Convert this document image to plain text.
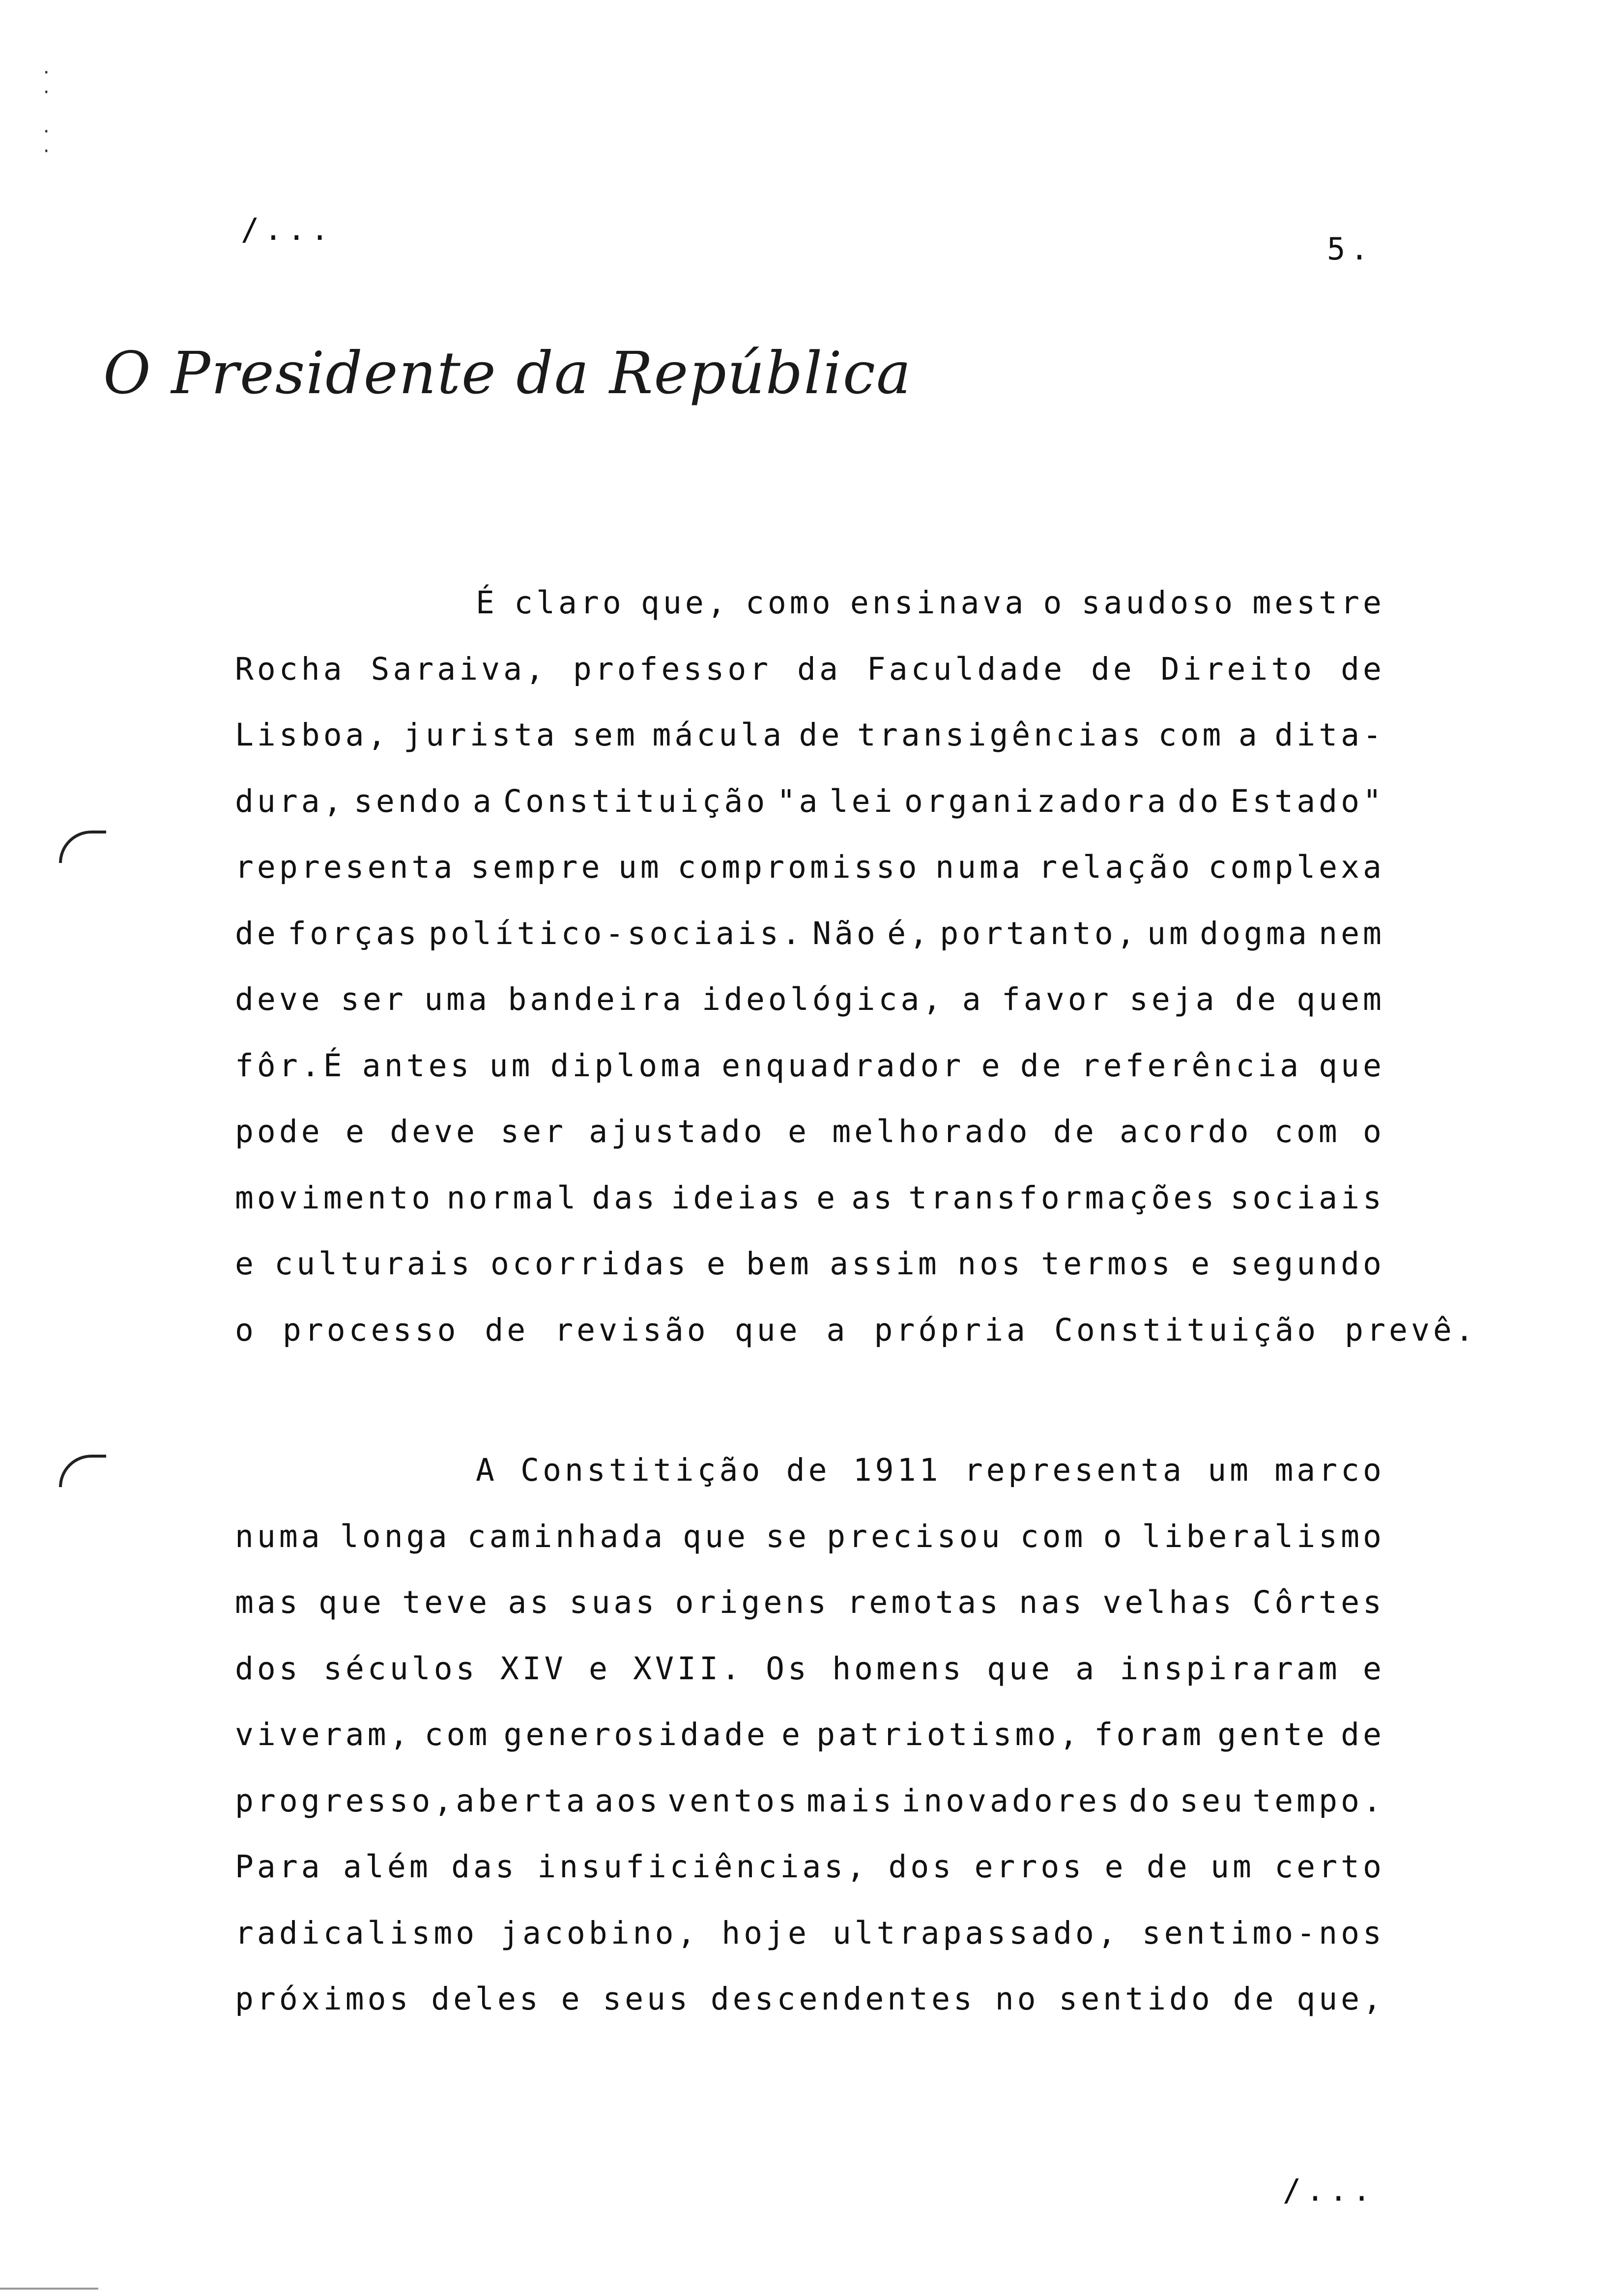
·
·

·
·
/...
5.
O Presidente da República
É claro que, como ensinava o saudoso mestre
Rocha Saraiva, professor da Faculdade de Direito de
Lisboa, jurista sem mácula de transigências com a dita-
dura, sendo a Constituição "a lei organizadora do Estado"
representa sempre um compromisso numa relação complexa
de forças político-sociais. Não é, portanto, um dogma nem
deve ser uma bandeira ideológica, a favor seja de quem
fôr.É antes um diploma enquadrador e de referência que
pode e deve ser ajustado e melhorado de acordo com o
movimento normal das ideias e as transformações sociais
e culturais ocorridas e bem assim nos termos e segundo
o processo de revisão que a própria Constituição prevê.
A Constitição de 1911 representa um marco
numa longa caminhada que se precisou com o liberalismo
mas que teve as suas origens remotas nas velhas Côrtes
dos séculos XIV e XVII. Os homens que a inspiraram e
viveram, com generosidade e patriotismo, foram gente de
progresso,aberta aos ventos mais inovadores do seu tempo.
Para além das insuficiências, dos erros e de um certo
radicalismo jacobino, hoje ultrapassado, sentimo-nos
próximos deles e seus descendentes no sentido de que,
/...
